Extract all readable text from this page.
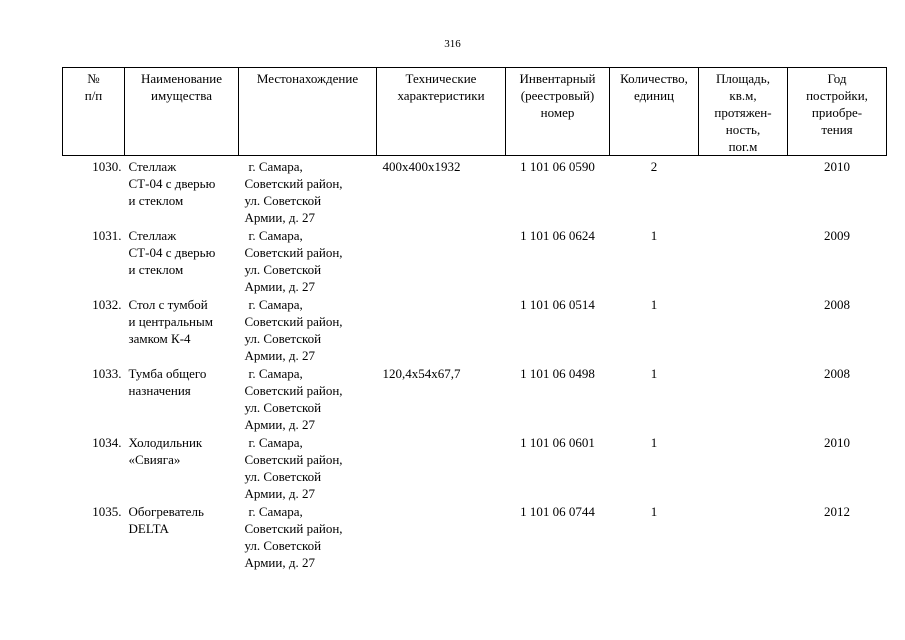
316
№
п/п	Наименование
имущества	Местонахождение	Технические
характеристики	Инвентарный
(реестровый)
номер	Количество,
единиц	Площадь,
кв.м,
протяжен-
ность,
пог.м	Год
постройки,
приобре-
тения
1030.	Стеллаж
СТ-04 с дверью
и стеклом	г. Самара,
Советский район,
ул. Советской
Армии, д. 27	400х400х1932	1 101 06 0590	2		2010
1031.	Стеллаж
СТ-04 с дверью
и стеклом	г. Самара,
Советский район,
ул. Советской
Армии, д. 27		1 101 06 0624	1		2009
1032.	Стол с тумбой
и центральным
замком К-4	г. Самара,
Советский район,
ул. Советской
Армии, д. 27		1 101 06 0514	1		2008
1033.	Тумба общего
назначения	г. Самара,
Советский район,
ул. Советской
Армии, д. 27	120,4х54х67,7	1 101 06 0498	1		2008
1034.	Холодильник
«Свияга»	г. Самара,
Советский район,
ул. Советской
Армии, д. 27		1 101 06 0601	1		2010
1035.	Обогреватель
DELTA	г. Самара,
Советский район,
ул. Советской
Армии, д. 27		1 101 06 0744	1		2012
